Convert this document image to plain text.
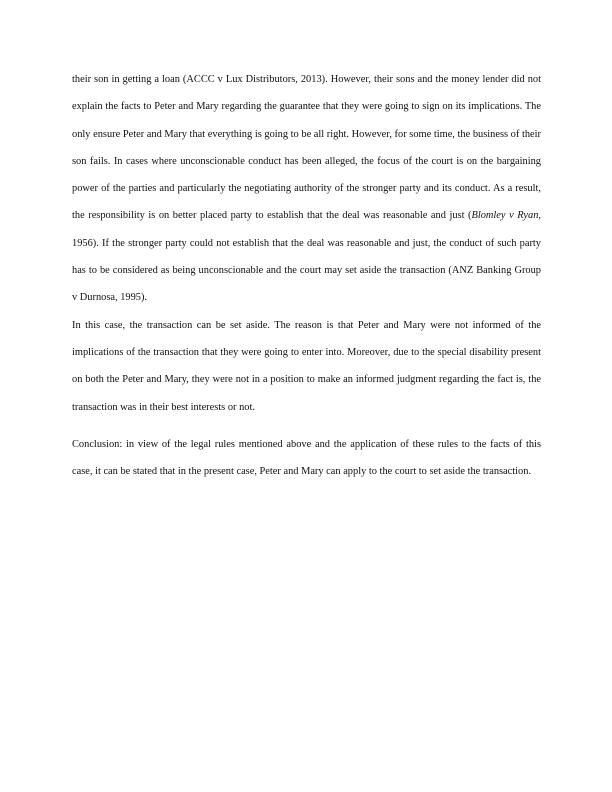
their son in getting a loan (ACCC v Lux Distributors, 2013). However, their sons and the money lender did not explain the facts to Peter and Mary regarding the guarantee that they were going to sign on its implications. The only ensure Peter and Mary that everything is going to be all right. However, for some time, the business of their son fails. In cases where unconscionable conduct has been alleged, the focus of the court is on the bargaining power of the parties and particularly the negotiating authority of the stronger party and its conduct. As a result, the responsibility is on better placed party to establish that the deal was reasonable and just (Blomley v Ryan, 1956). If the stronger party could not establish that the deal was reasonable and just, the conduct of such party has to be considered as being unconscionable and the court may set aside the transaction (ANZ Banking Group v Durnosa, 1995).

In this case, the transaction can be set aside. The reason is that Peter and Mary were not informed of the implications of the transaction that they were going to enter into. Moreover, due to the special disability present on both the Peter and Mary, they were not in a position to make an informed judgment regarding the fact is, the transaction was in their best interests or not.

Conclusion: in view of the legal rules mentioned above and the application of these rules to the facts of this case, it can be stated that in the present case, Peter and Mary can apply to the court to set aside the transaction.
